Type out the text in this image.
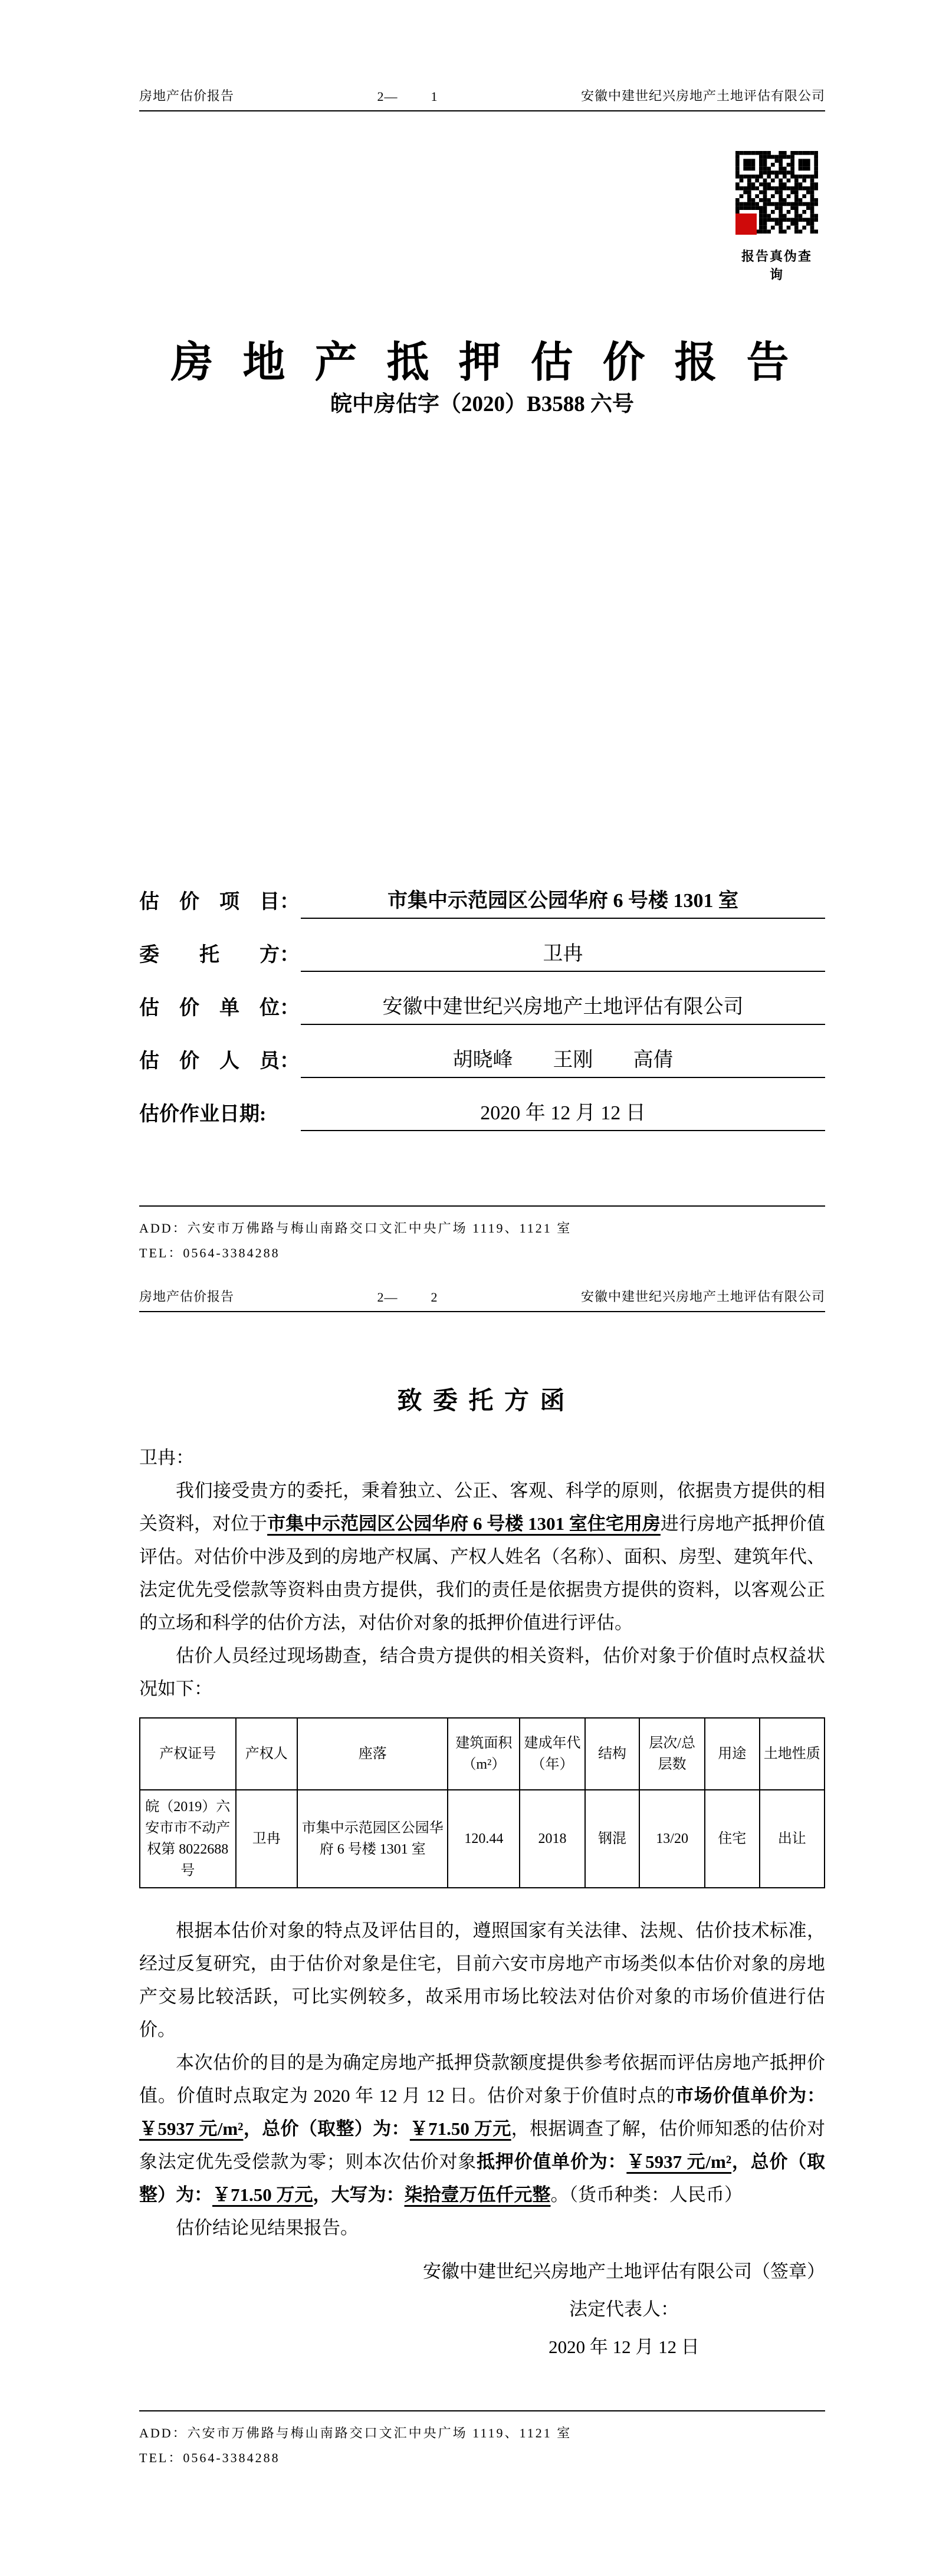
房地产估价报告	2—	1	安徽中建世纪兴房地产土地评估有限公司
报告真伪查询
房 地 产 抵 押 估 价 报 告
皖中房估字（2020）B3588 六号
估　价　项　目：	市集中示范园区公园华府 6 号楼 1301 室
委　　托　　方：	卫冉
估　价　单　位：	安徽中建世纪兴房地产土地评估有限公司
估　价　人　员：	胡晓峰　　王刚　　高倩
估价作业日期:	2020 年 12 月 12 日
ADD：六安市万佛路与梅山南路交口文汇中央广场 1119、1121 室
TEL：0564-3384288
房地产估价报告	2—	2	安徽中建世纪兴房地产土地评估有限公司
致 委 托 方 函

卫冉：

我们接受贵方的委托，秉着独立、公正、客观、科学的原则，依据贵方提供的相关资料，对位于市集中示范园区公园华府 6 号楼 1301 室住宅用房进行房地产抵押价值评估。对估价中涉及到的房地产权属、产权人姓名（名称）、面积、房型、建筑年代、法定优先受偿款等资料由贵方提供，我们的责任是依据贵方提供的资料，以客观公正的立场和科学的估价方法，对估价对象的抵押价值进行评估。

估价人员经过现场勘查，结合贵方提供的相关资料，估价对象于价值时点权益状况如下：

产权证号	产权人	座落	建筑面积（m²）	建成年代（年）	结构	层次/总层数	用途	土地性质
皖（2019）六安市市不动产权第 8022688 号	卫冉	市集中示范园区公园华府 6 号楼 1301 室	120.44	2018	钢混	13/20	住宅	出让

根据本估价对象的特点及评估目的，遵照国家有关法律、法规、估价技术标准，经过反复研究，由于估价对象是住宅，目前六安市房地产市场类似本估价对象的房地产交易比较活跃，可比实例较多，故采用市场比较法对估价对象的市场价值进行估价。

本次估价的目的是为确定房地产抵押贷款额度提供参考依据而评估房地产抵押价值。价值时点取定为 2020 年 12 月 12 日。估价对象于价值时点的市场价值单价为：￥5937 元/m²，总价（取整）为：￥71.50 万元，根据调查了解，估价师知悉的估价对象法定优先受偿款为零；则本次估价对象抵押价值单价为：￥5937 元/m²，总价（取整）为：￥71.50 万元，大写为：柒拾壹万伍仟元整。（货币种类：人民币）

估价结论见结果报告。

安徽中建世纪兴房地产土地评估有限公司（签章）
法定代表人：
2020 年 12 月 12 日
ADD：六安市万佛路与梅山南路交口文汇中央广场 1119、1121 室
TEL：0564-3384288
